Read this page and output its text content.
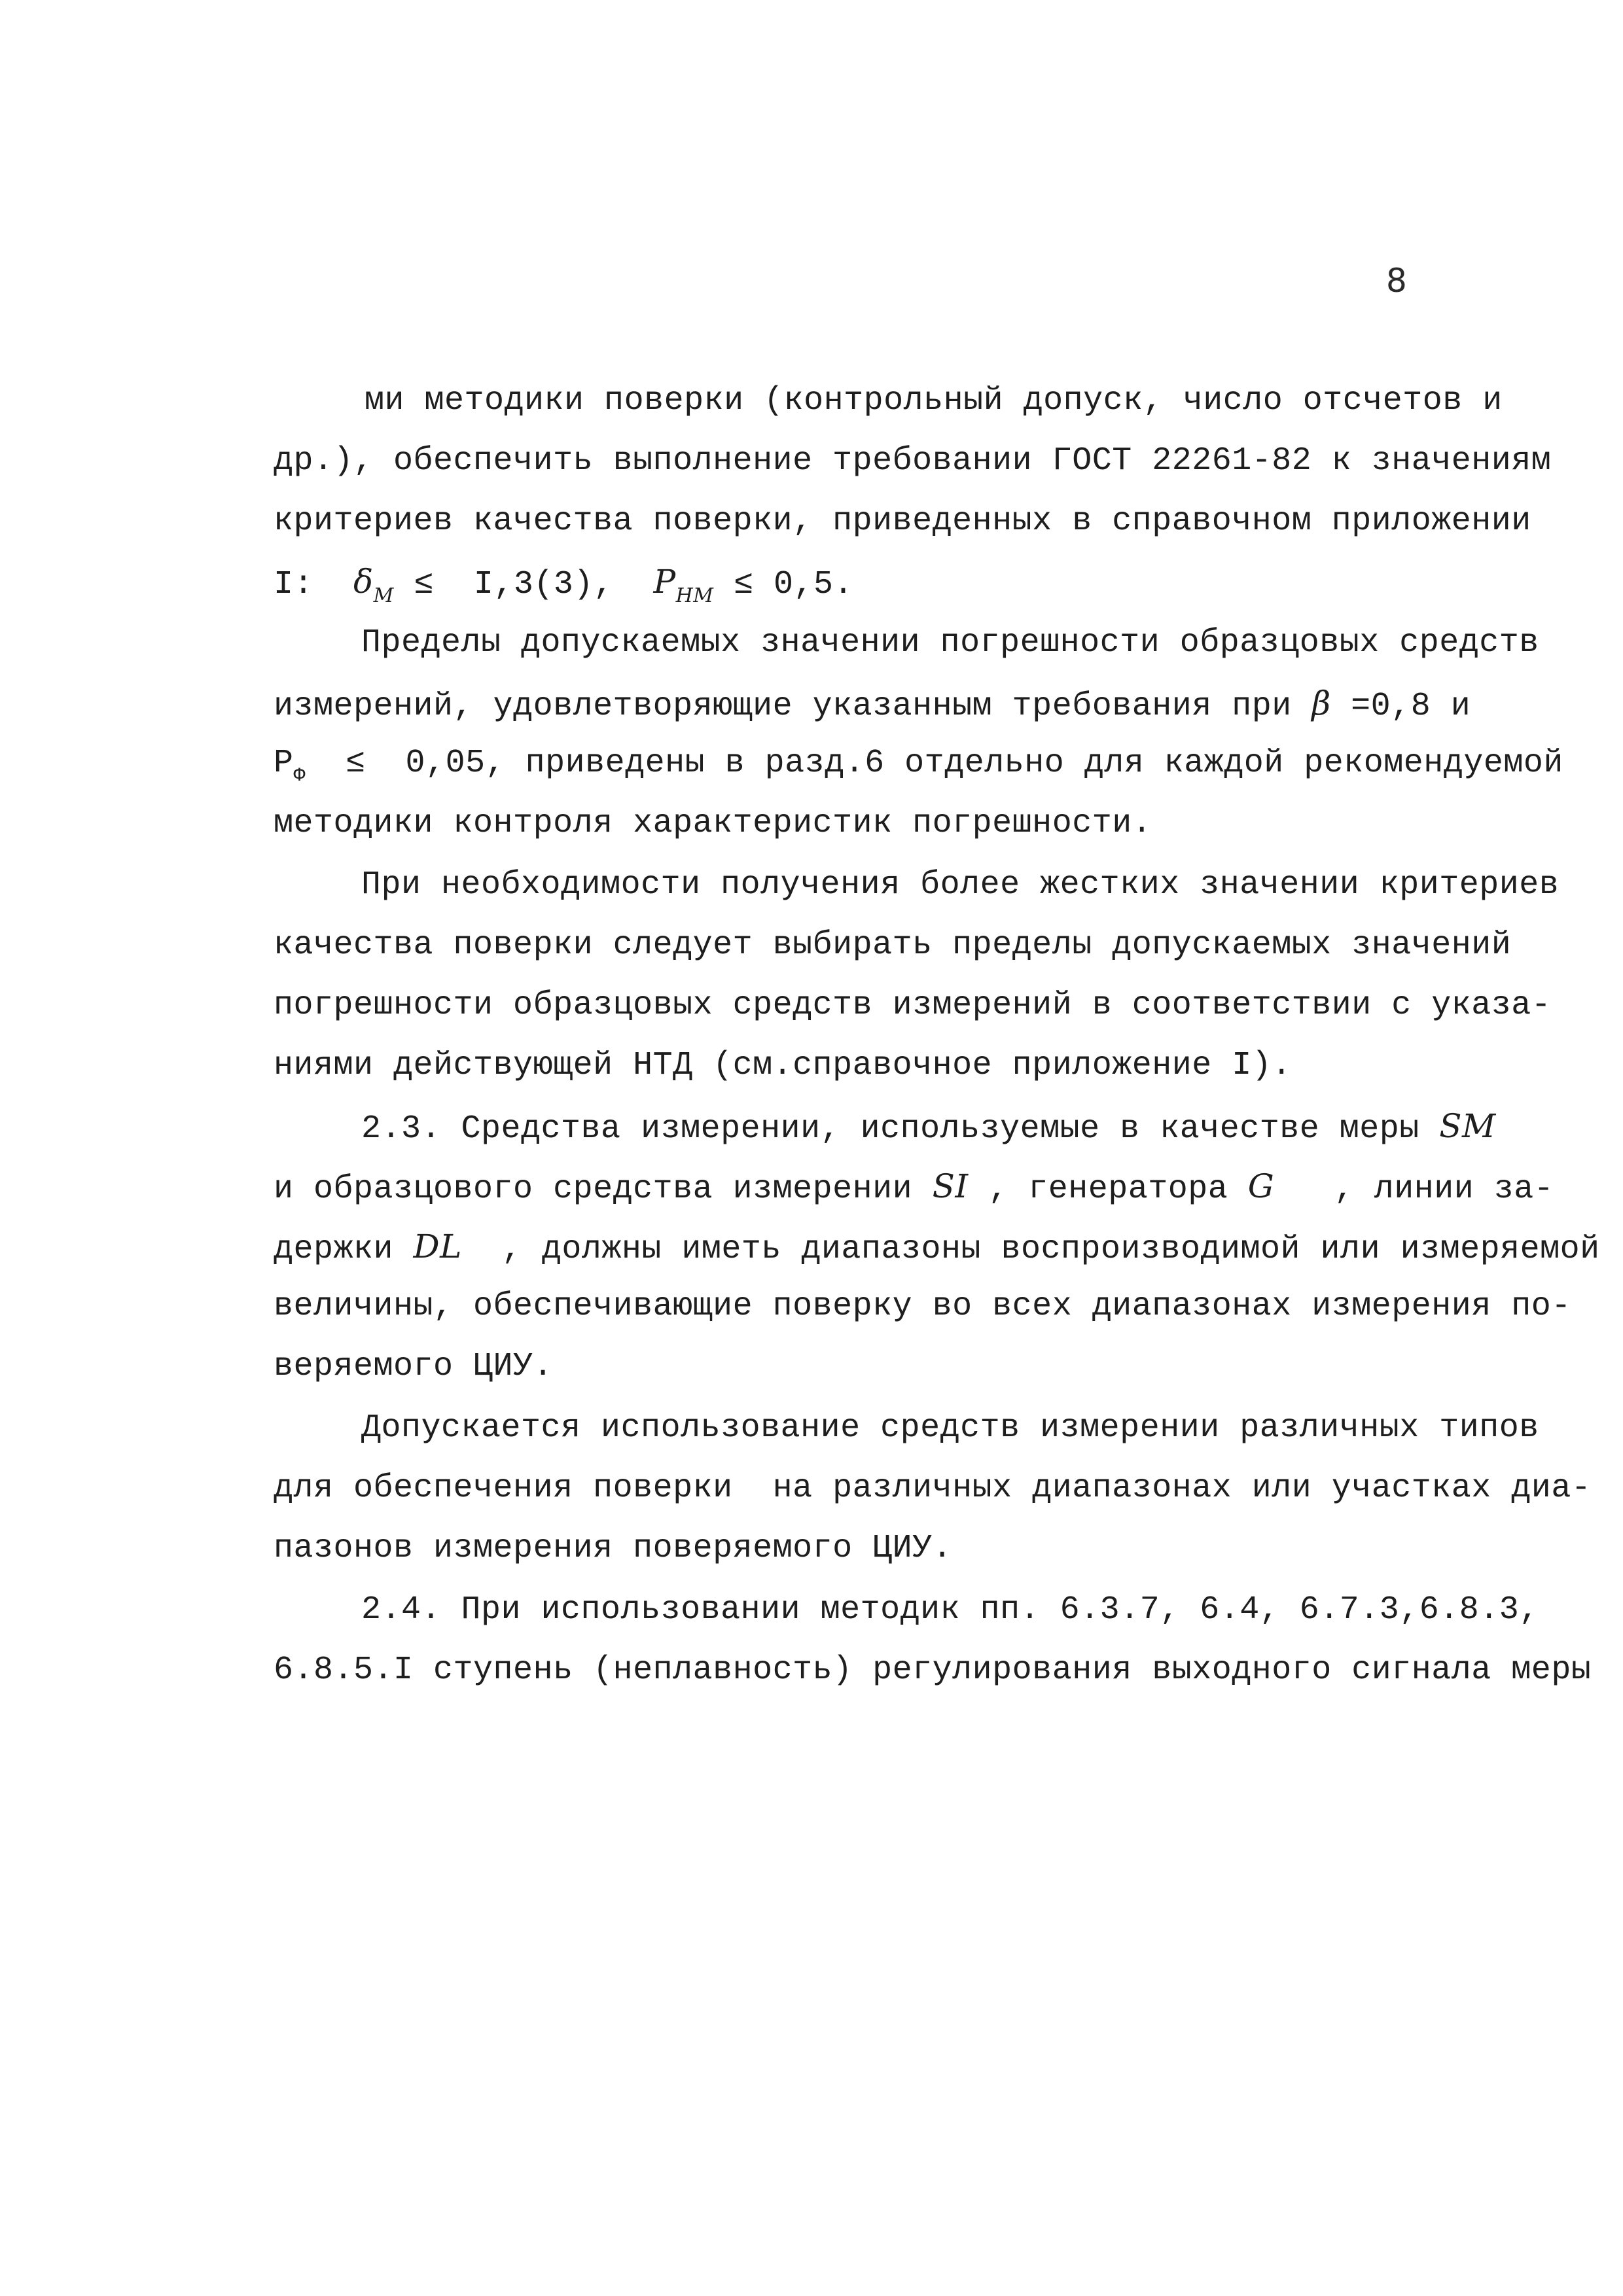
8
ми методики поверки (контрольный допуск, число отсчетов и
др.), обеспечить выполнение требовании ГОСТ 22261-82 к значениям
критериев качества поверки, приведенных в справочном приложении
I:  $\delta_М \le I,3(3)$,  $P_{НМ} \le 0,5$.
Пределы допускаемых значении погрешности образцовых средств
измерений, удовлетворяющие указанным требования при β =0,8 и
$P_Ф \le 0,05$, приведены в разд.6 отдельно для каждой рекомендуемой
методики контроля характеристик погрешности.
При необходимости получения более жестких значении критериев
качества поверки следует выбирать пределы допускаемых значений
погрешности образцовых средств измерений в соответствии с указа-
ниями действующей НТД (см.справочное приложение I).
2.3. Средства измерении, используемые в качестве меры SM
и образцового средства измерении SI , генератора G   , линии за-
держки DL  , должны иметь диапазоны воспроизводимой или измеряемой
величины, обеспечивающие поверку во всех диапазонах измерения по-
веряемого ЦИУ.
Допускается использование средств измерении различных типов
для обеспечения поверки  на различных диапазонах или участках диа-
пазонов измерения поверяемого ЦИУ.
2.4. При использовании методик пп. 6.3.7, 6.4, 6.7.3,6.8.3,
6.8.5.I ступень (неплавность) регулирования выходного сигнала меры
